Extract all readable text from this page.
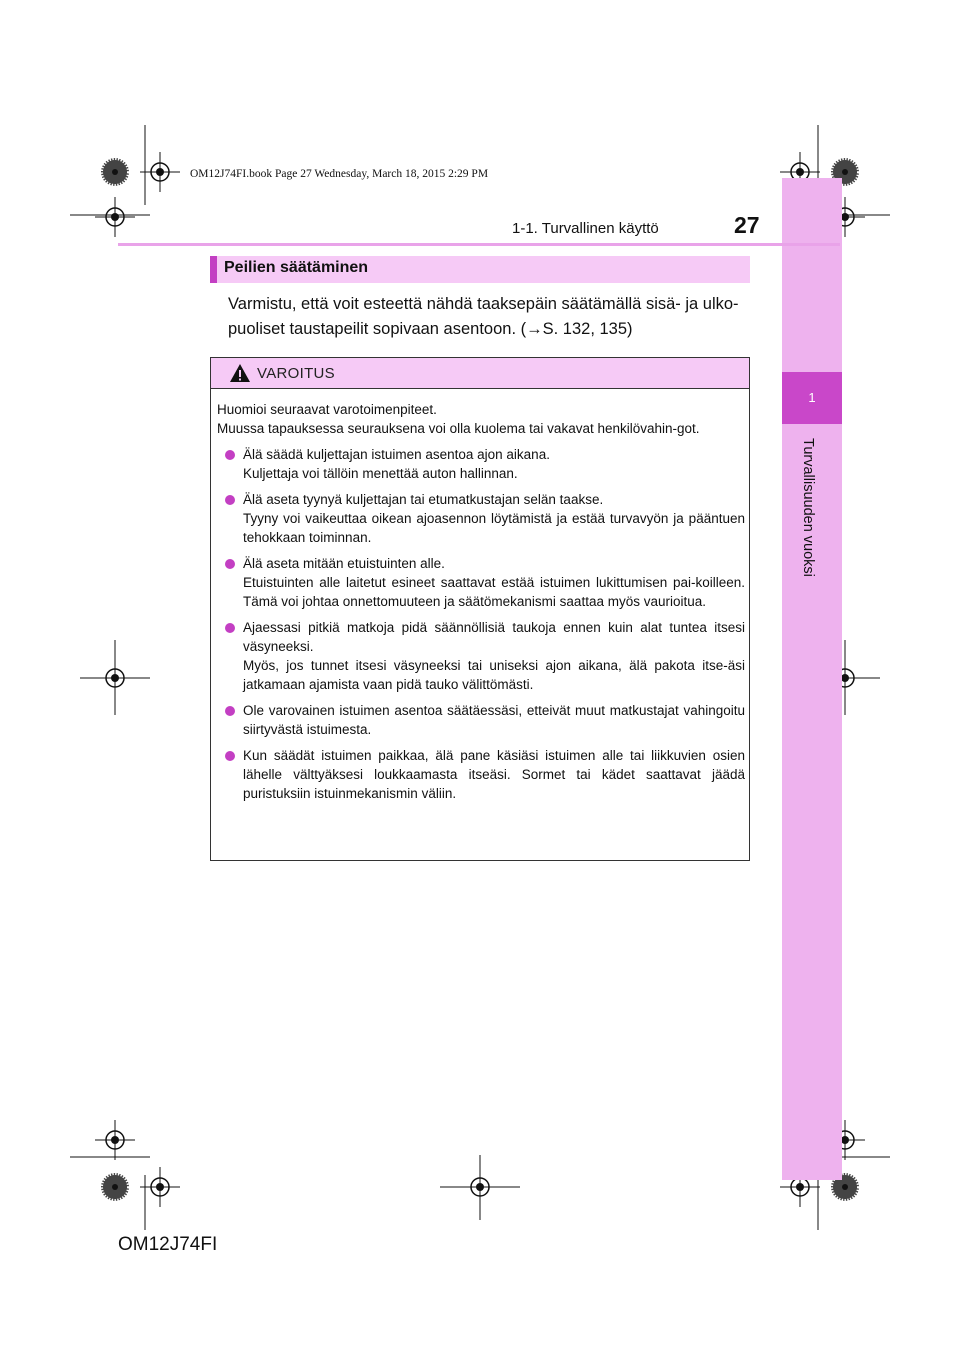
OM12J74FI.book Page 27 Wednesday, March 18, 2015 2:29 PM
1
Turvallisuuden vuoksi
1-1. Turvallinen käyttö	27
Peilien säätäminen
Varmistu, että voit esteettä nähdä taaksepäin säätämällä sisä- ja ulko-puoliset taustapeilit sopivaan asentoon. (→S. 132, 135)
VAROITUS

Huomioi seuraavat varotoimenpiteet.

Muussa tapauksessa seurauksena voi olla kuolema tai vakavat henkilövahin-got.

Älä säädä kuljettajan istuimen asentoa ajon aikana.
Kuljettaja voi tällöin menettää auton hallinnan.
Älä aseta tyynyä kuljettajan tai etumatkustajan selän taakse.
Tyyny voi vaikeuttaa oikean ajoasennon löytämistä ja estää turvavyön ja pääntuen tehokkaan toiminnan.
Älä aseta mitään etuistuinten alle.
Etuistuinten alle laitetut esineet saattavat estää istuimen lukittumisen pai-koilleen. Tämä voi johtaa onnettomuuteen ja säätömekanismi saattaa myös vaurioitua.
Ajaessasi pitkiä matkoja pidä säännöllisiä taukoja ennen kuin alat tuntea itsesi väsyneeksi.
Myös, jos tunnet itsesi väsyneeksi tai uniseksi ajon aikana, älä pakota itse-äsi jatkamaan ajamista vaan pidä tauko välittömästi.
Ole varovainen istuimen asentoa säätäessäsi, etteivät muut matkustajat vahingoitu siirtyvästä istuimesta.
Kun säädät istuimen paikkaa, älä pane käsiäsi istuimen alle tai liikkuvien osien lähelle välttyäksesi loukkaamasta itseäsi. Sormet tai kädet saattavat jäädä puristuksiin istuinmekanismin väliin.
OM12J74FI
